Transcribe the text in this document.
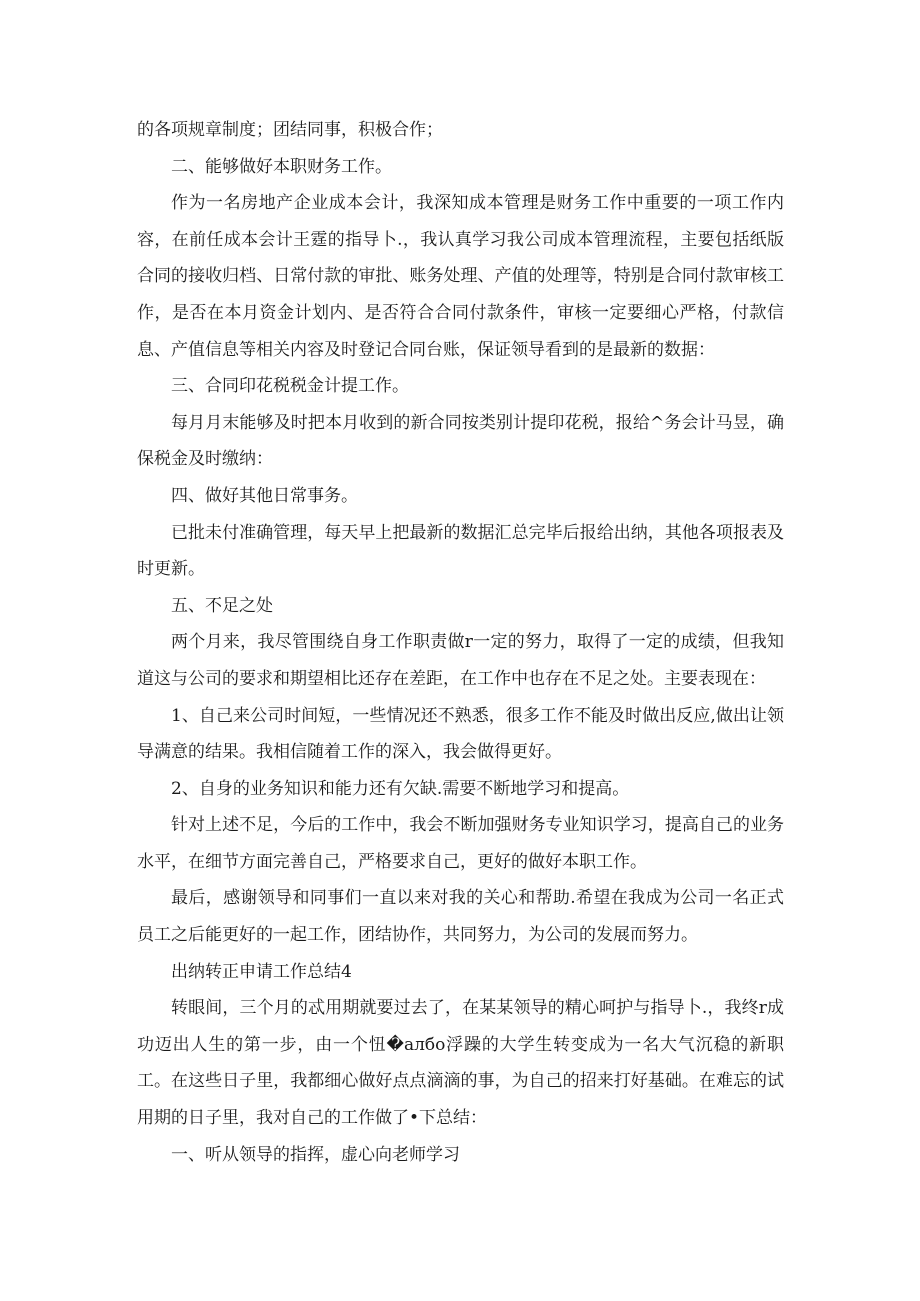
的各项规章制度；团结同事，积极合作；

二、能够做好本职财务工作。

作为一名房地产企业成本会计，我深知成本管理是财务工作中重要的一项工作内容，在前任成本会计王霆的指导卜.，我认真学习我公司成本管理流程，主要包括纸版合同的接收归档、日常付款的审批、账务处理、产值的处理等，特别是合同付款审核工作，是否在本月资金计划内、是否符合合同付款条件，审核一定要细心严格，付款信息、产值信息等相关内容及时登记合同台账，保证领导看到的是最新的数据：

三、合同印花税税金计提工作。

每月月末能够及时把本月收到的新合同按类别计提印花税，报给^务会计马昱，确保税金及时缴纳：

四、做好其他日常事务。

已批未付准确管理，每天早上把最新的数据汇总完毕后报给出纳，其他各项报表及时更新。

五、不足之处

两个月来，我尽管围绕自身工作职责做r一定的努力，取得了一定的成绩，但我知道这与公司的要求和期望相比还存在差距，在工作中也存在不足之处。主要表现在：

1、自己来公司时间短，一些情况还不熟悉，很多工作不能及时做出反应,做出让领导满意的结果。我相信随着工作的深入，我会做得更好。

2、自身的业务知识和能力还有欠缺.需要不断地学习和提高。

针对上述不足，今后的工作中，我会不断加强财务专业知识学习，提高自己的业务水平，在细节方面完善自己，严格要求自己，更好的做好本职工作。

最后，感谢领导和同事们一直以来对我的关心和帮助.希望在我成为公司一名正式员工之后能更好的一起工作，团结协作，共同努力，为公司的发展而努力。

出纳转正申请工作总结4

转眼间，三个月的忒用期就要过去了，在某某领导的精心呵护与指导卜.，我终r成功迈出人生的第一步，由一个忸�албo浮躁的大学生转变成为一名大气沉稳的新职工。在这些日子里，我都细心做好点点滴滴的事，为自己的招来打好基础。在难忘的试用期的日子里，我对自己的工作做了•下总结：

一、听从领导的指挥，虚心向老师学习
